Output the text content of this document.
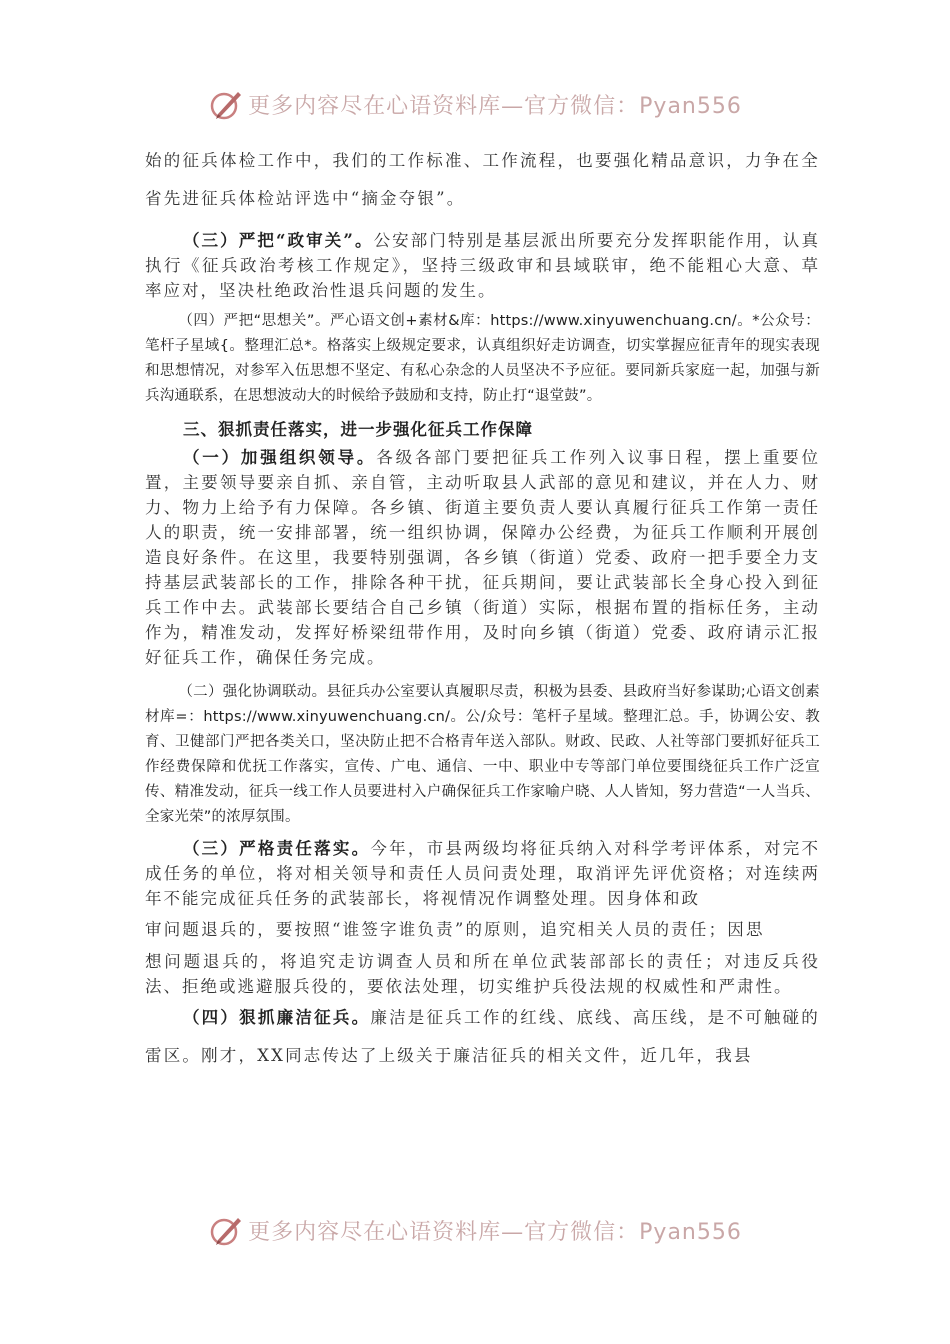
更多内容尽在心语资料库—官方微信：Pyan556

始的征兵体检工作中，我们的工作标准、工作流程，也要强化精品意识，力争在全省先进征兵体检站评选中“摘金夺银”。

（三）严把“政审关”。公安部门特别是基层派出所要充分发挥职能作用，认真执行《征兵政治考核工作规定》，坚持三级政审和县域联审，绝不能粗心大意、草率应对，坚决杜绝政治性退兵问题的发生。

（四）严把“思想关”。严心语文创+素材&库：https://www.xinyuwenchuang.cn/。*公众号：笔杆子星域{。整理汇总*。格落实上级规定要求，认真组织好走访调查，切实掌握应征青年的现实表现和思想情况，对参军入伍思想不坚定、有私心杂念的人员坚决不予应征。要同新兵家庭一起，加强与新兵沟通联系，在思想波动大的时候给予鼓励和支持，防止打“退堂鼓”。

三、狠抓责任落实，进一步强化征兵工作保障

（一）加强组织领导。各级各部门要把征兵工作列入议事日程，摆上重要位置，主要领导要亲自抓、亲自管，主动听取县人武部的意见和建议，并在人力、财力、物力上给予有力保障。各乡镇、街道主要负责人要认真履行征兵工作第一责任人的职责，统一安排部署，统一组织协调，保障办公经费，为征兵工作顺利开展创造良好条件。在这里，我要特别强调，各乡镇（街道）党委、政府一把手要全力支持基层武装部长的工作，排除各种干扰，征兵期间，要让武装部长全身心投入到征兵工作中去。武装部长要结合自己乡镇（街道）实际，根据布置的指标任务，主动作为，精准发动，发挥好桥梁纽带作用，及时向乡镇（街道）党委、政府请示汇报好征兵工作，确保任务完成。

（二）强化协调联动。县征兵办公室要认真履职尽责，积极为县委、县政府当好参谋助;心语文创素材库=：https://www.xinyuwenchuang.cn/。公/众号：笔杆子星域。整理汇总。手，协调公安、教育、卫健部门严把各类关口，坚决防止把不合格青年送入部队。财政、民政、人社等部门要抓好征兵工作经费保障和优抚工作落实，宣传、广电、通信、一中、职业中专等部门单位要围绕征兵工作广泛宣传、精准发动，征兵一线工作人员要进村入户确保征兵工作家喻户晓、人人皆知，努力营造“一人当兵、全家光荣”的浓厚氛围。

（三）严格责任落实。今年，市县两级均将征兵纳入对科学考评体系，对完不成任务的单位，将对相关领导和责任人员问责处理，取消评先评优资格；对连续两年不能完成征兵任务的武装部长，将视情况作调整处理。因身体和政

审问题退兵的，要按照“谁签字谁负责”的原则，追究相关人员的责任；因思

想问题退兵的，将追究走访调查人员和所在单位武装部部长的责任；对违反兵役法、拒绝或逃避服兵役的，要依法处理，切实维护兵役法规的权威性和严肃性。

（四）狠抓廉洁征兵。廉洁是征兵工作的红线、底线、高压线，是不可触碰的雷区。刚才，XX同志传达了上级关于廉洁征兵的相关文件，近几年，我县

更多内容尽在心语资料库—官方微信：Pyan556
